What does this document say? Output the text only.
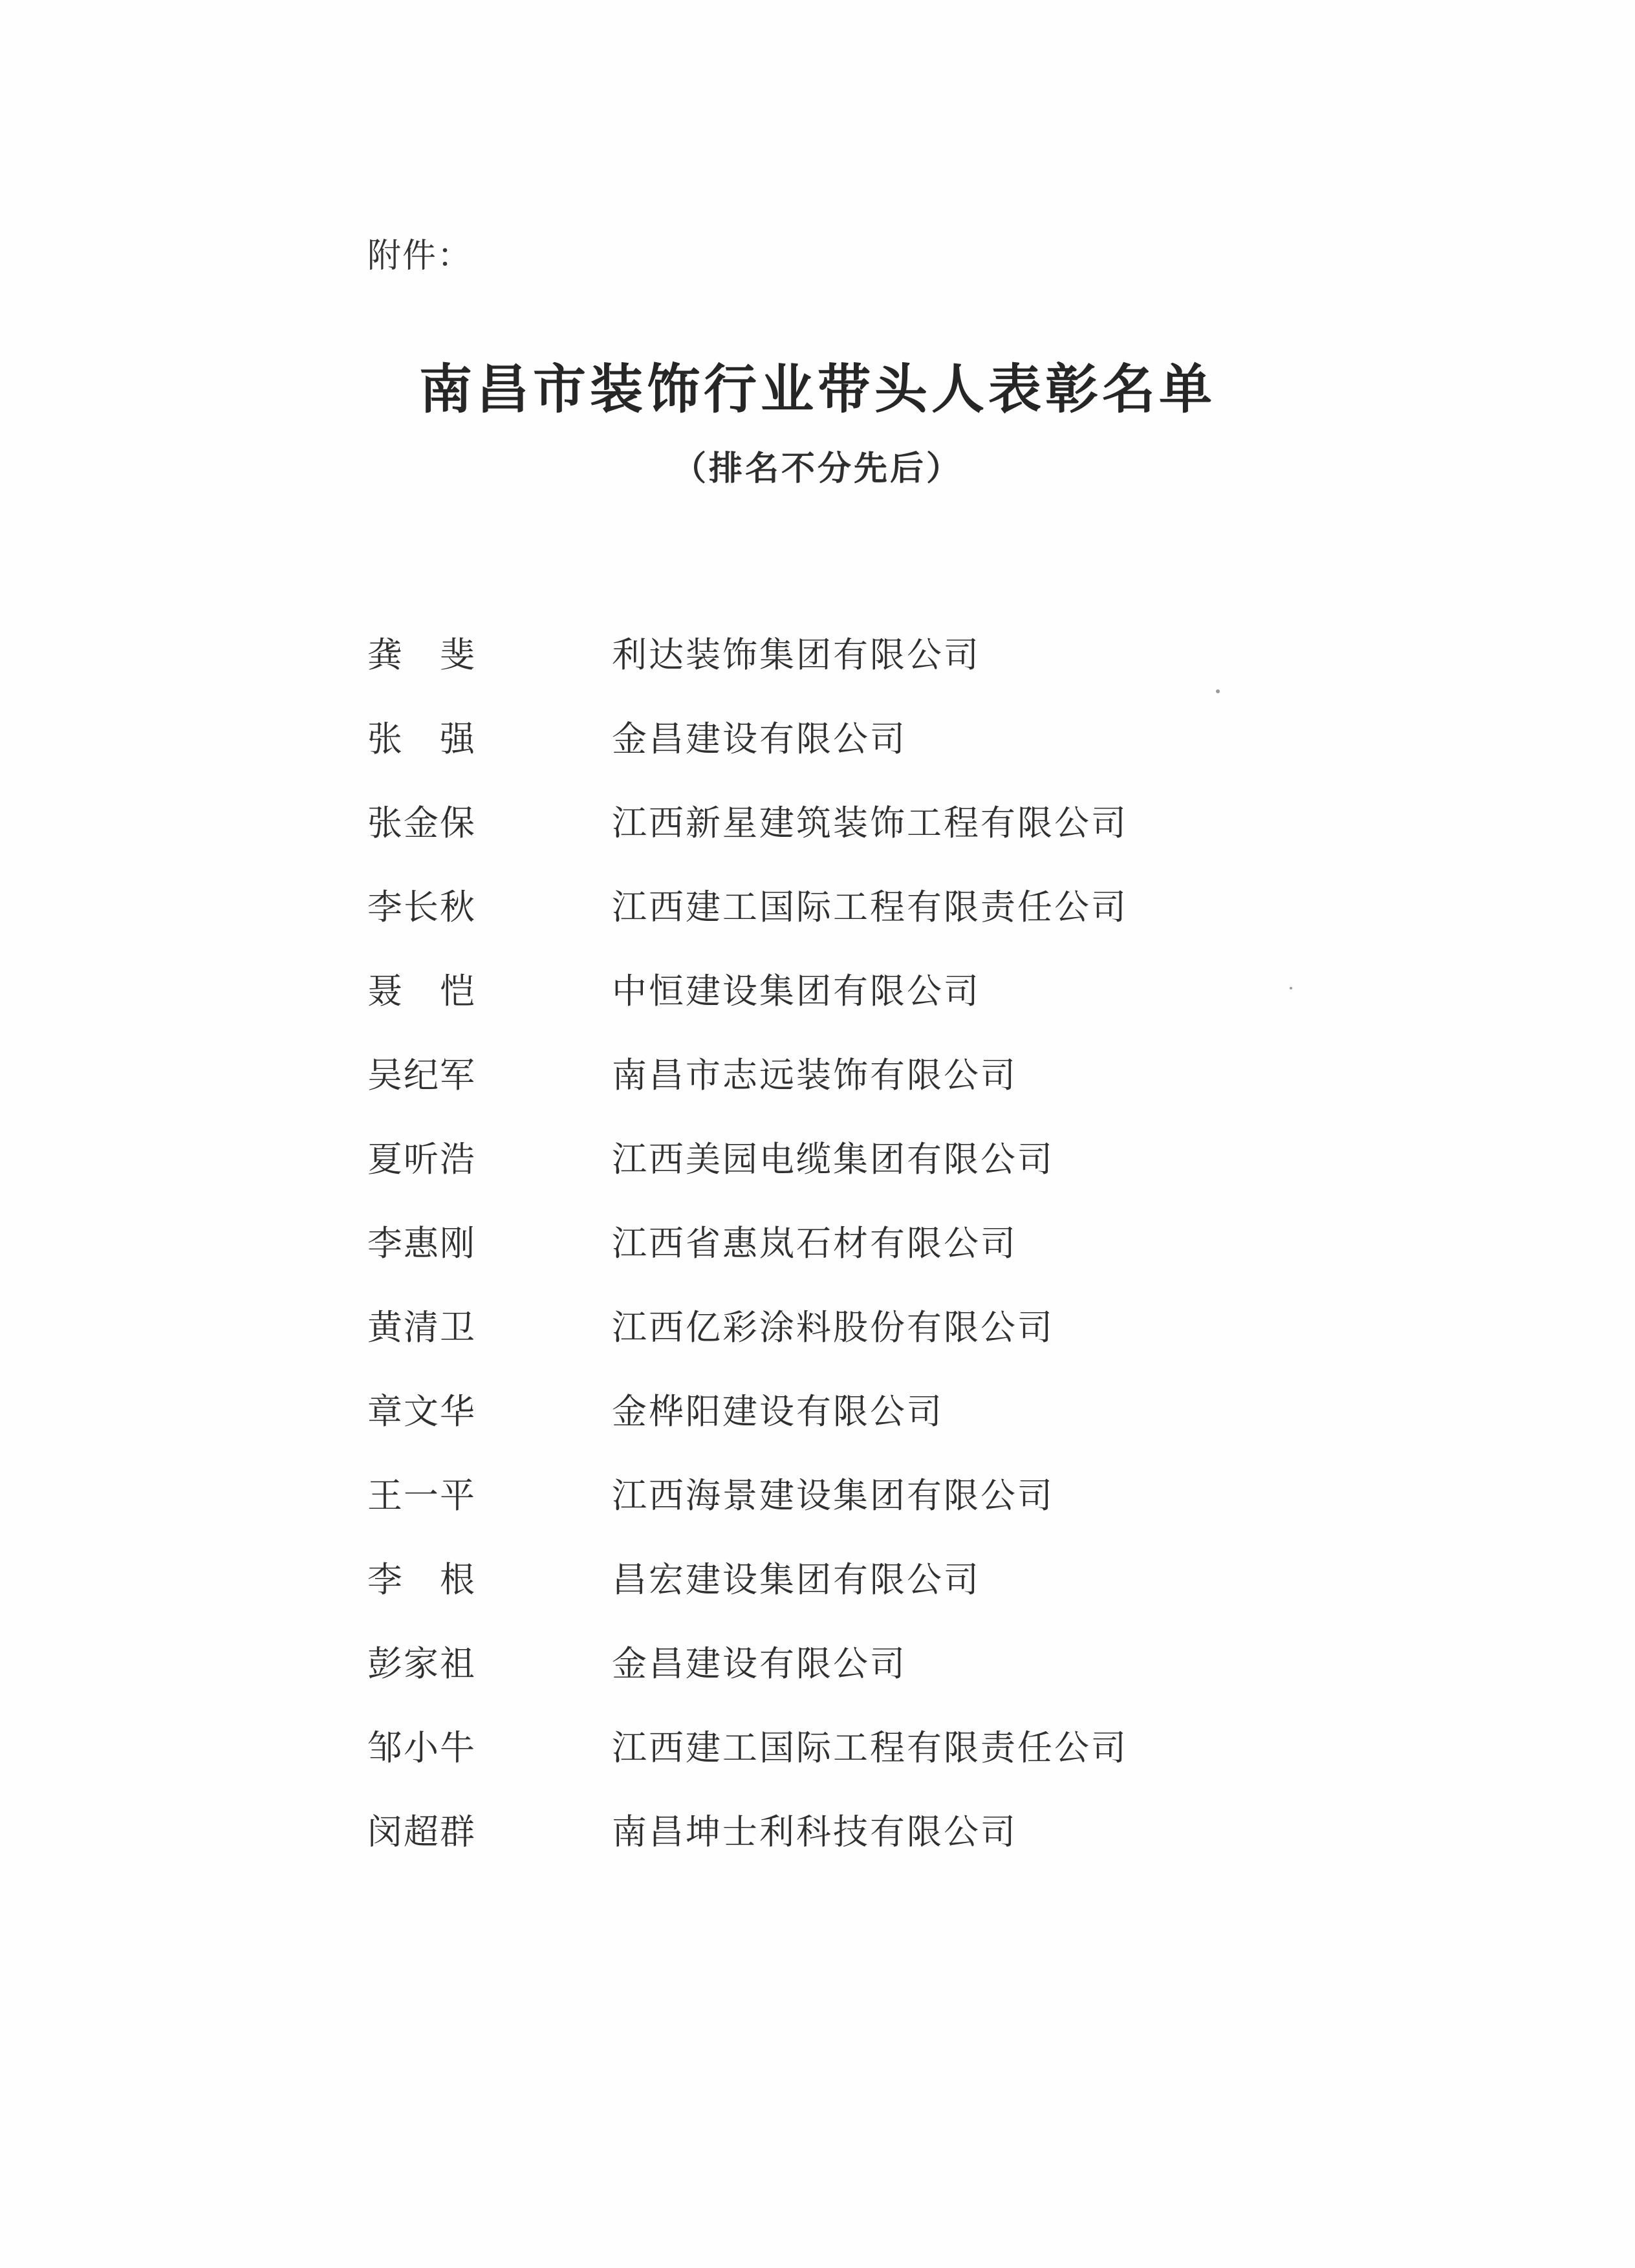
附件：
南昌市装饰行业带头人表彰名单
（排名不分先后）
龚　斐	利达装饰集团有限公司
张　强	金昌建设有限公司
张金保	江西新星建筑装饰工程有限公司
李长秋	江西建工国际工程有限责任公司
聂　恺	中恒建设集团有限公司
吴纪军	南昌市志远装饰有限公司
夏听浩	江西美园电缆集团有限公司
李惠刚	江西省惠岚石材有限公司
黄清卫	江西亿彩涂料股份有限公司
章文华	金桦阳建设有限公司
王一平	江西海景建设集团有限公司
李　根	昌宏建设集团有限公司
彭家祖	金昌建设有限公司
邹小牛	江西建工国际工程有限责任公司
闵超群	南昌坤士利科技有限公司
